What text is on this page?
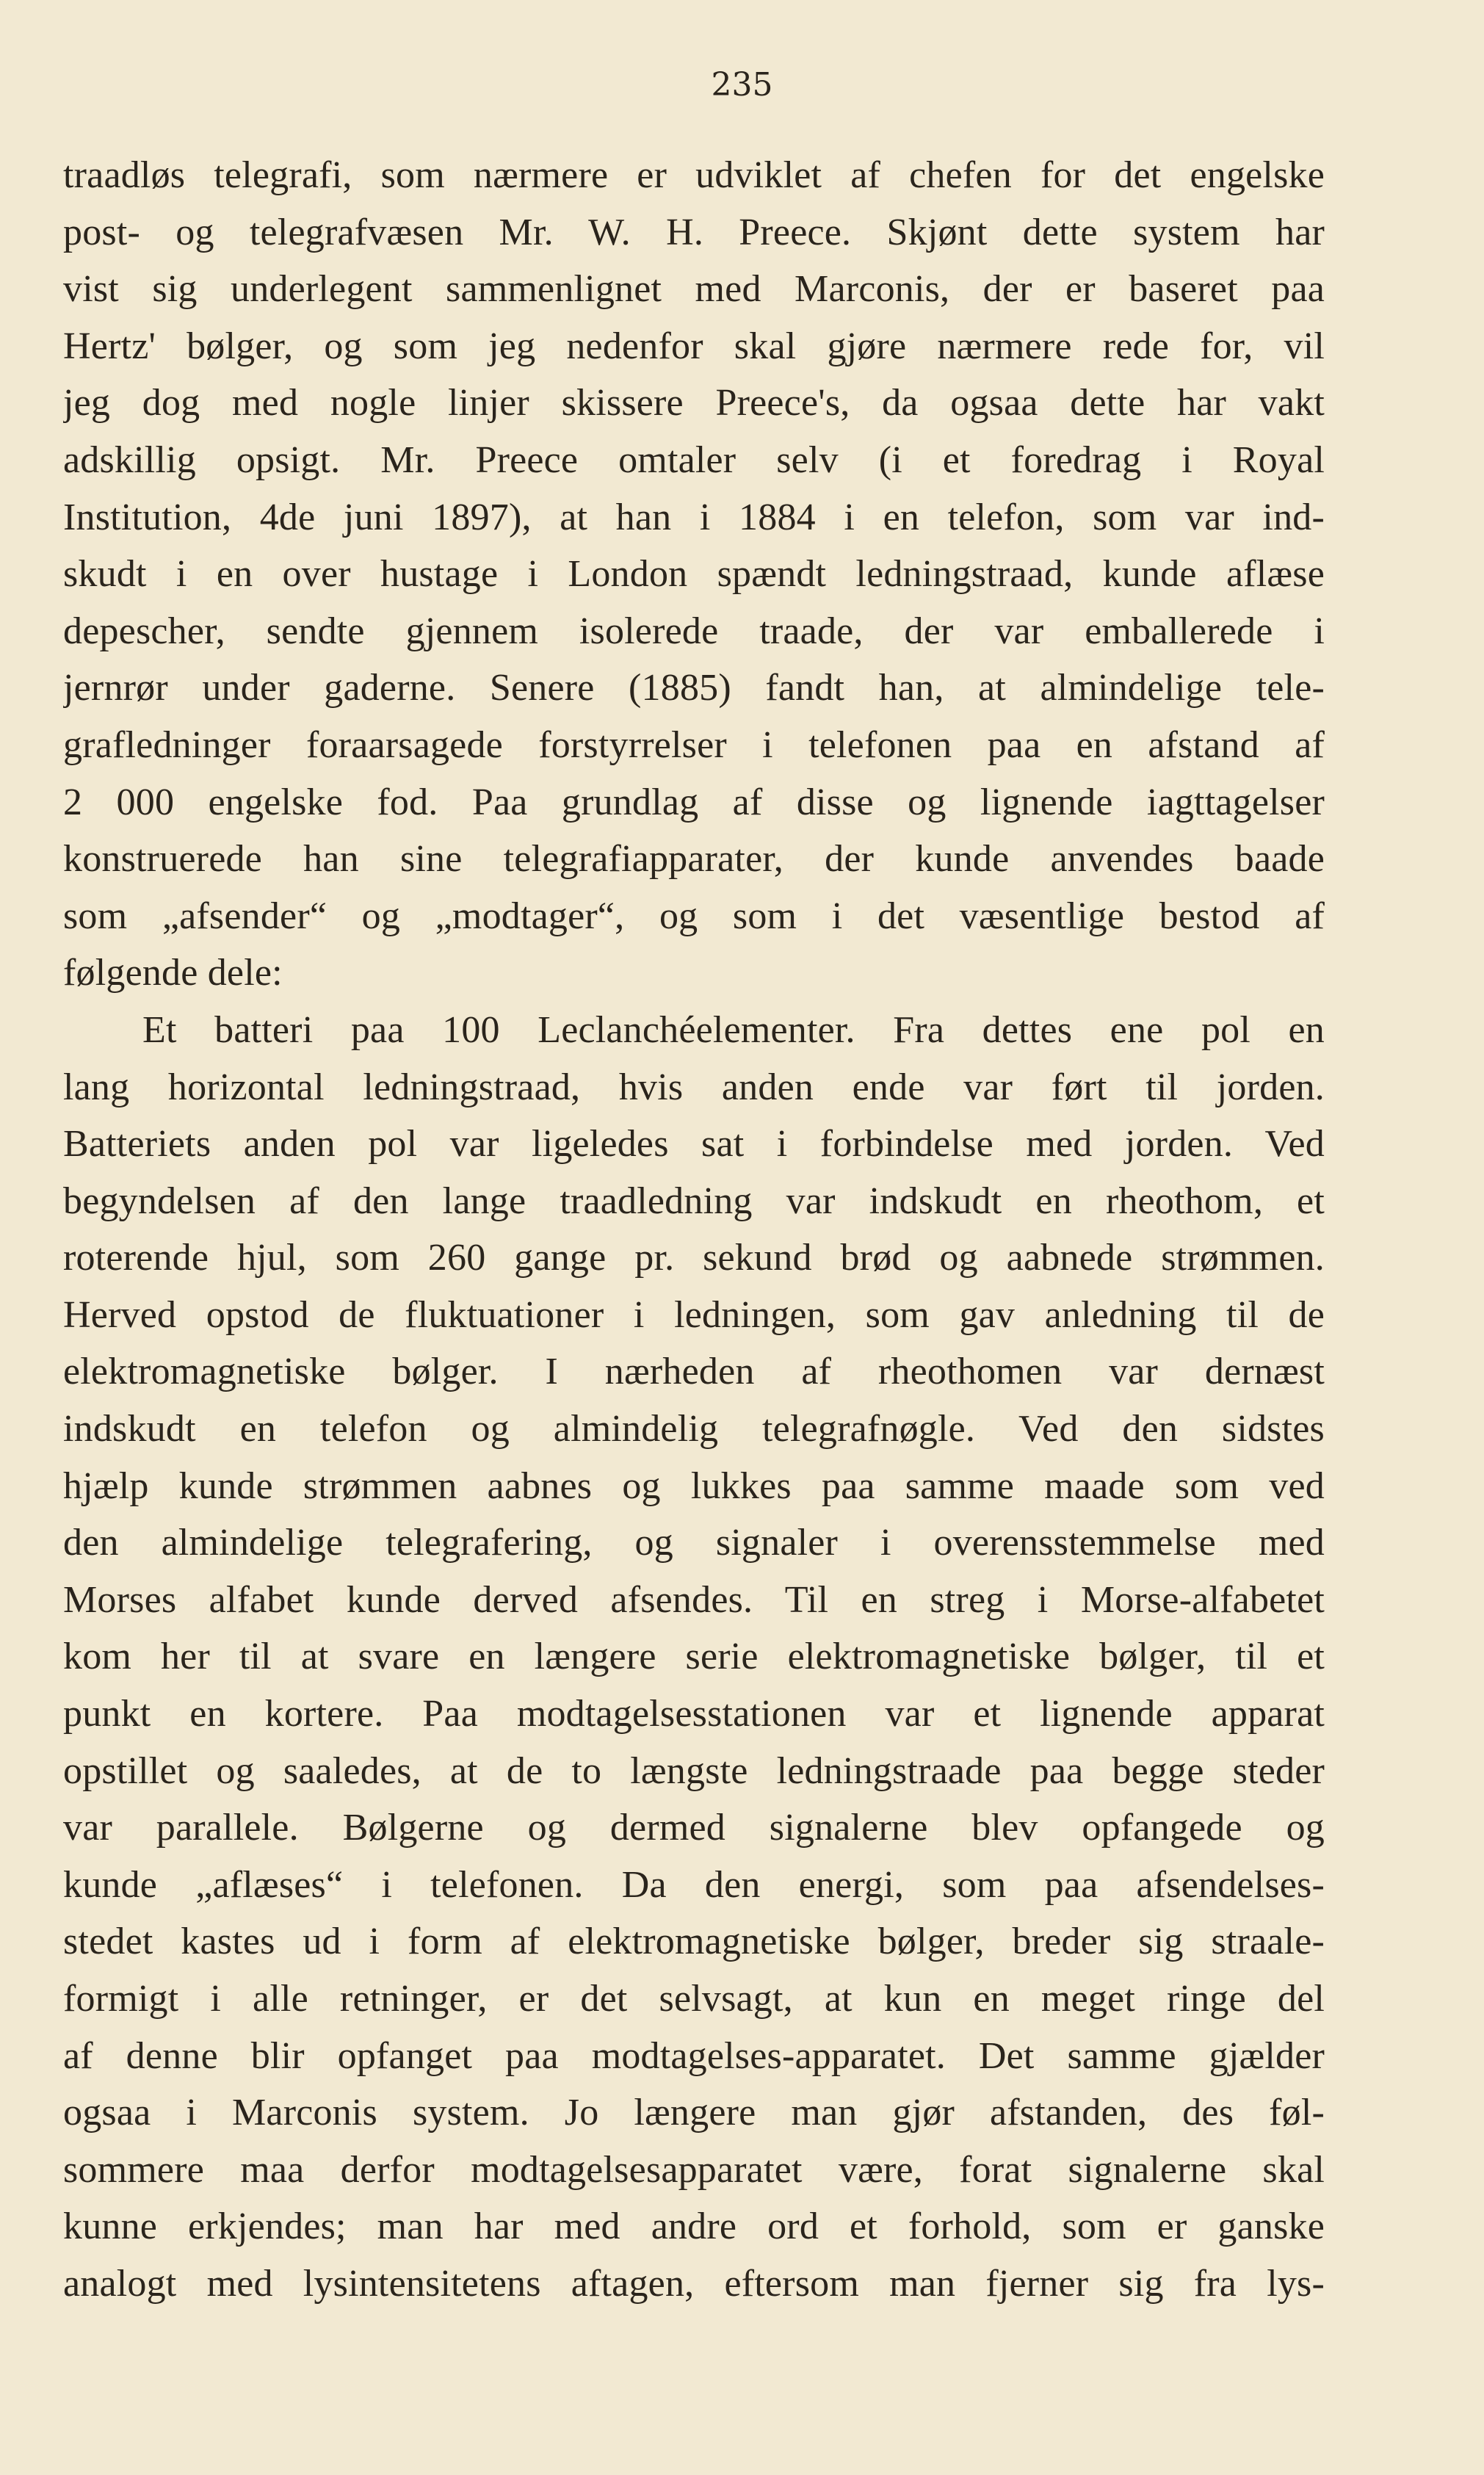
235
traadløs telegrafi, som nærmere er udviklet af chefen for det engelske
post- og telegrafvæsen Mr. W. H. Preece. Skjønt dette system har
vist sig underlegent sammenlignet med Marconis, der er baseret paa
Hertz' bølger, og som jeg nedenfor skal gjøre nærmere rede for, vil
jeg dog med nogle linjer skissere Preece's, da ogsaa dette har vakt
adskillig opsigt. Mr. Preece omtaler selv (i et foredrag i Royal
Institution, 4de juni 1897), at han i 1884 i en telefon, som var ind-
skudt i en over hustage i London spændt ledningstraad, kunde aflæse
depescher, sendte gjennem isolerede traade, der var emballerede i
jernrør under gaderne. Senere (1885) fandt han, at almindelige tele-
grafledninger foraarsagede forstyrrelser i telefonen paa en afstand af
2 000 engelske fod. Paa grundlag af disse og lignende iagttagelser
konstruerede han sine telegrafiapparater, der kunde anvendes baade
som „afsender“ og „modtager“, og som i det væsentlige bestod af
følgende dele:
Et batteri paa 100 Leclanchéelementer. Fra dettes ene pol en
lang horizontal ledningstraad, hvis anden ende var ført til jorden.
Batteriets anden pol var ligeledes sat i forbindelse med jorden. Ved
begyndelsen af den lange traadledning var indskudt en rheothom, et
roterende hjul, som 260 gange pr. sekund brød og aabnede strømmen.
Herved opstod de fluktuationer i ledningen, som gav anledning til de
elektromagnetiske bølger. I nærheden af rheothomen var dernæst
indskudt en telefon og almindelig telegrafnøgle. Ved den sidstes
hjælp kunde strømmen aabnes og lukkes paa samme maade som ved
den almindelige telegrafering, og signaler i overensstemmelse med
Morses alfabet kunde derved afsendes. Til en streg i Morse-alfabetet
kom her til at svare en længere serie elektromagnetiske bølger, til et
punkt en kortere. Paa modtagelsesstationen var et lignende apparat
opstillet og saaledes, at de to længste ledningstraade paa begge steder
var parallele. Bølgerne og dermed signalerne blev opfangede og
kunde „aflæses“ i telefonen. Da den energi, som paa afsendelses-
stedet kastes ud i form af elektromagnetiske bølger, breder sig straale-
formigt i alle retninger, er det selvsagt, at kun en meget ringe del
af denne blir opfanget paa modtagelses-apparatet. Det samme gjælder
ogsaa i Marconis system. Jo længere man gjør afstanden, des føl-
sommere maa derfor modtagelsesapparatet være, forat signalerne skal
kunne erkjendes; man har med andre ord et forhold, som er ganske
analogt med lysintensitetens aftagen, eftersom man fjerner sig fra lys-
